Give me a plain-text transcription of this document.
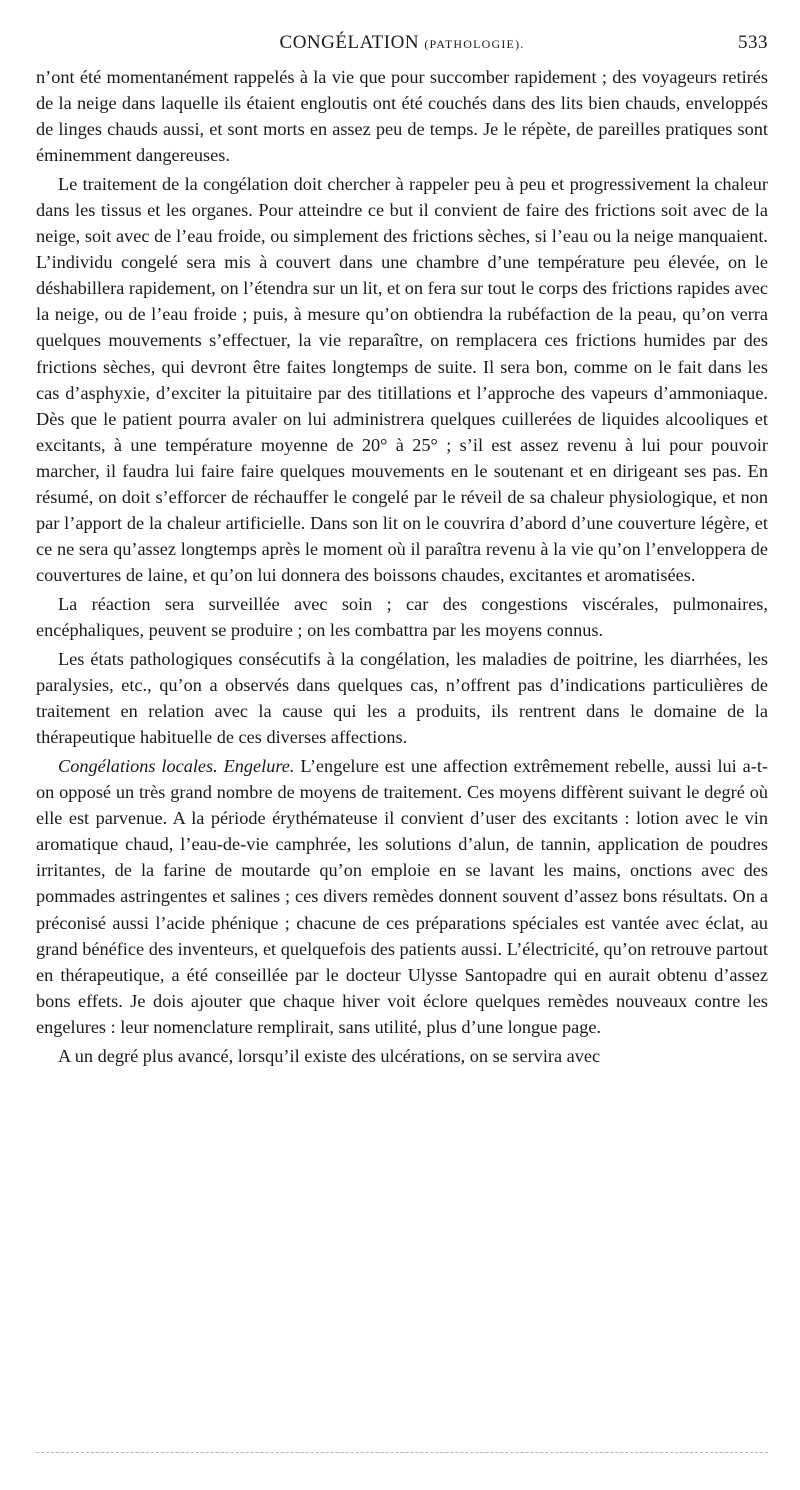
CONGÉLATION (PATHOLOGIE).	533

n’ont été momentanément rappelés à la vie que pour succomber rapidement ; des voyageurs retirés de la neige dans laquelle ils étaient engloutis ont été couchés dans des lits bien chauds, enveloppés de linges chauds aussi, et sont morts en assez peu de temps. Je le répète, de pareilles pratiques sont éminemment dangereuses.

Le traitement de la congélation doit chercher à rappeler peu à peu et progressivement la chaleur dans les tissus et les organes. Pour atteindre ce but il convient de faire des frictions soit avec de la neige, soit avec de l’eau froide, ou simplement des frictions sèches, si l’eau ou la neige manquaient. L’individu congelé sera mis à couvert dans une chambre d’une température peu élevée, on le déshabillera rapidement, on l’étendra sur un lit, et on fera sur tout le corps des frictions rapides avec la neige, ou de l’eau froide ; puis, à mesure qu’on obtiendra la rubéfaction de la peau, qu’on verra quelques mouvements s’effectuer, la vie reparaître, on remplacera ces frictions humides par des frictions sèches, qui devront être faites longtemps de suite. Il sera bon, comme on le fait dans les cas d’asphyxie, d’exciter la pituitaire par des titillations et l’approche des vapeurs d’ammoniaque. Dès que le patient pourra avaler on lui administrera quelques cuillerées de liquides alcooliques et excitants, à une température moyenne de 20° à 25° ; s’il est assez revenu à lui pour pouvoir marcher, il faudra lui faire faire quelques mouvements en le soutenant et en dirigeant ses pas. En résumé, on doit s’efforcer de réchauffer le congelé par le réveil de sa chaleur physiologique, et non par l’apport de la chaleur artificielle. Dans son lit on le couvrira d’abord d’une couverture légère, et ce ne sera qu’assez longtemps après le moment où il paraîtra revenu à la vie qu’on l’enveloppera de couvertures de laine, et qu’on lui donnera des boissons chaudes, excitantes et aromatisées.

La réaction sera surveillée avec soin ; car des congestions viscérales, pulmonaires, encéphaliques, peuvent se produire ; on les combattra par les moyens connus.

Les états pathologiques consécutifs à la congélation, les maladies de poitrine, les diarrhées, les paralysies, etc., qu’on a observés dans quelques cas, n’offrent pas d’indications particulières de traitement en relation avec la cause qui les a produits, ils rentrent dans le domaine de la thérapeutique habituelle de ces diverses affections.

Congélations locales. Engelure. L’engelure est une affection extrêmement rebelle, aussi lui a-t-on opposé un très grand nombre de moyens de traitement. Ces moyens diffèrent suivant le degré où elle est parvenue. A la période érythémateuse il convient d’user des excitants : lotion avec le vin aromatique chaud, l’eau-de-vie camphrée, les solutions d’alun, de tannin, application de poudres irritantes, de la farine de moutarde qu’on emploie en se lavant les mains, onctions avec des pommades astringentes et salines ; ces divers remèdes donnent souvent d’assez bons résultats. On a préconisé aussi l’acide phénique ; chacune de ces préparations spéciales est vantée avec éclat, au grand bénéfice des inventeurs, et quelquefois des patients aussi. L’électricité, qu’on retrouve partout en thérapeutique, a été conseillée par le docteur Ulysse Santopadre qui en aurait obtenu d’assez bons effets. Je dois ajouter que chaque hiver voit éclore quelques remèdes nouveaux contre les engelures : leur nomenclature remplirait, sans utilité, plus d’une longue page.

A un degré plus avancé, lorsqu’il existe des ulcérations, on se servira avec
